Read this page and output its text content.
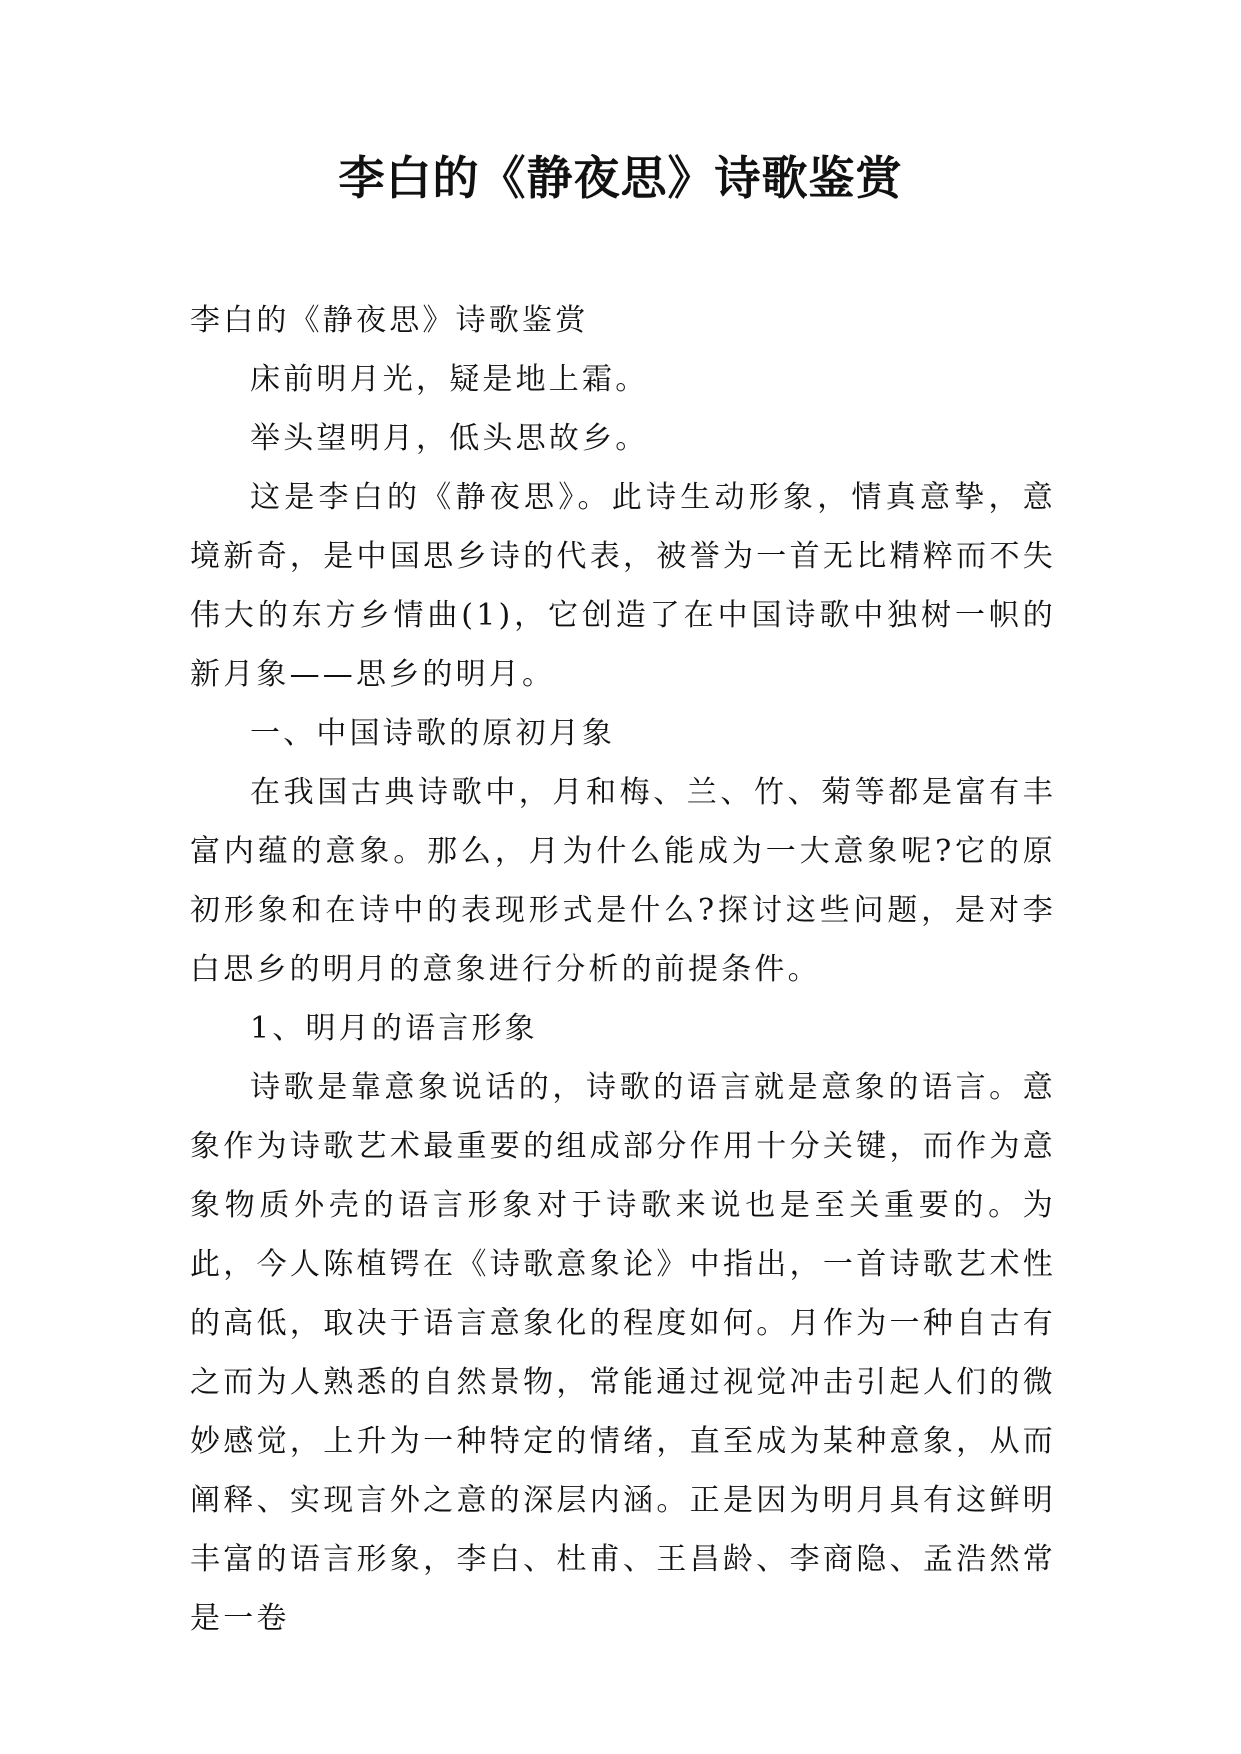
李白的《静夜思》诗歌鉴赏

李白的《静夜思》诗歌鉴赏

床前明月光，疑是地上霜。

举头望明月，低头思故乡。

这是李白的《静夜思》。此诗生动形象，情真意挚，意境新奇，是中国思乡诗的代表，被誉为一首无比精粹而不失伟大的东方乡情曲(1)，它创造了在中国诗歌中独树一帜的新月象——思乡的明月。

一、中国诗歌的原初月象

在我国古典诗歌中，月和梅、兰、竹、菊等都是富有丰富内蕴的意象。那么，月为什么能成为一大意象呢?它的原初形象和在诗中的表现形式是什么?探讨这些问题，是对李白思乡的明月的意象进行分析的前提条件。

1、明月的语言形象

诗歌是靠意象说话的，诗歌的语言就是意象的语言。意象作为诗歌艺术最重要的组成部分作用十分关键，而作为意象物质外壳的语言形象对于诗歌来说也是至关重要的。为此，今人陈植锷在《诗歌意象论》中指出，一首诗歌艺术性的高低，取决于语言意象化的程度如何。月作为一种自古有之而为人熟悉的自然景物，常能通过视觉冲击引起人们的微妙感觉，上升为一种特定的情绪，直至成为某种意象，从而阐释、实现言外之意的深层内涵。正是因为明月具有这鲜明丰富的语言形象，李白、杜甫、王昌龄、李商隐、孟浩然常是一卷
